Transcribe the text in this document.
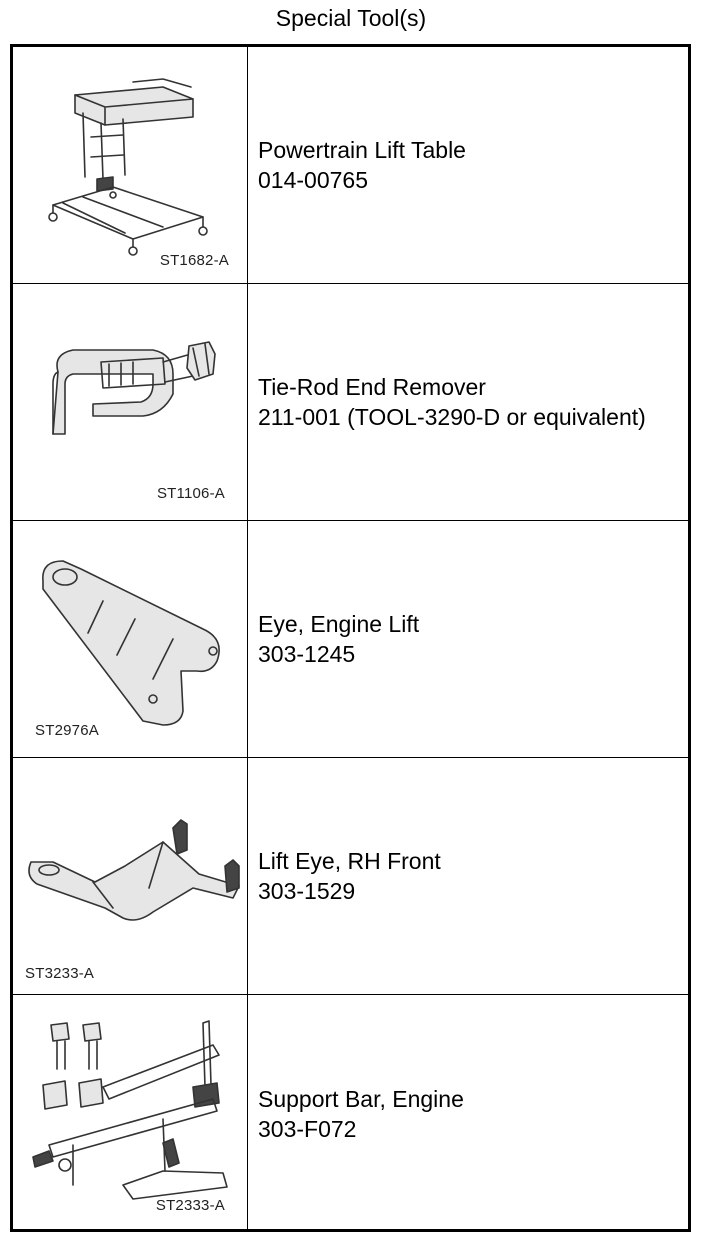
Special Tool(s)
ST1682-A
Powertrain Lift Table
014-00765
ST1106-A
Tie-Rod End Remover
211-001 (TOOL-3290-D or equivalent)
ST2976A
Eye, Engine Lift
303-1245
ST3233-A
Lift Eye, RH Front
303-1529
ST2333-A
Support Bar, Engine
303-F072
